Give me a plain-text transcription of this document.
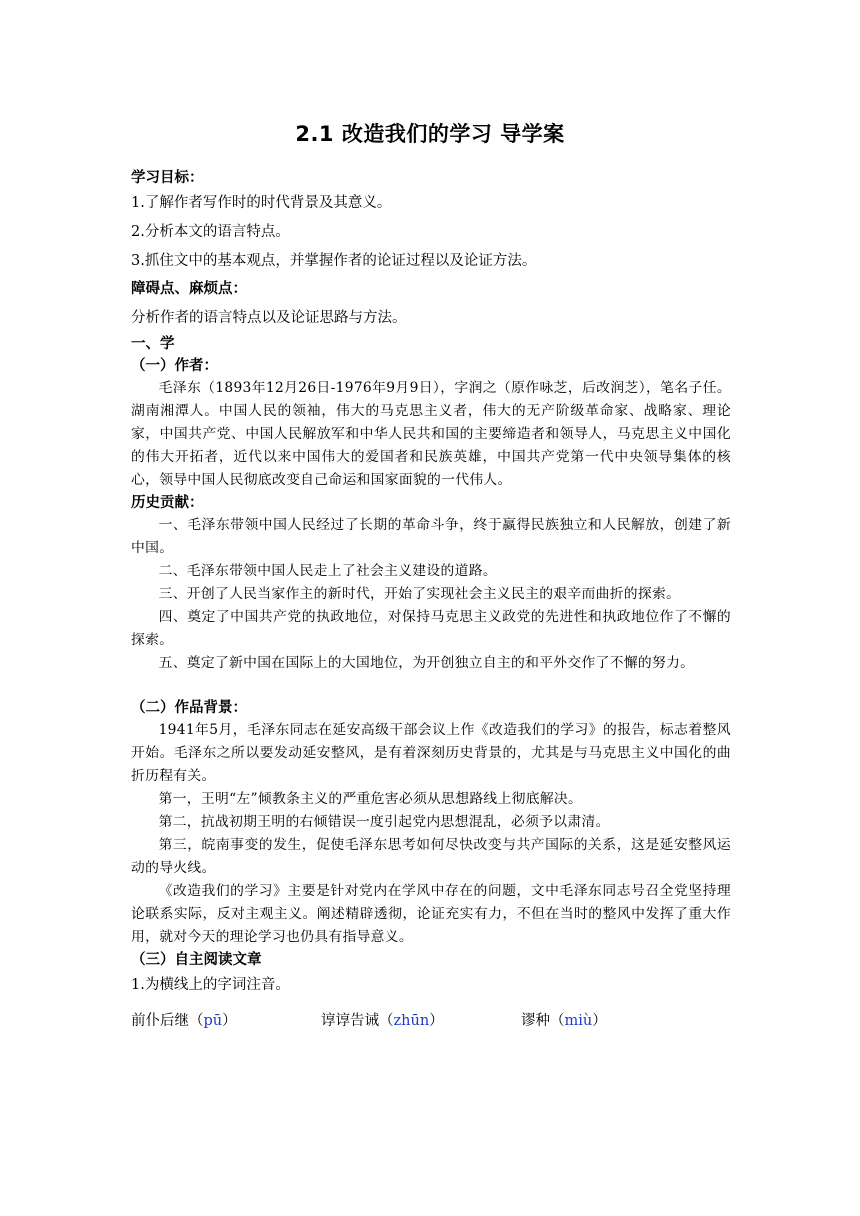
2.1 改造我们的学习 导学案

学习目标：

1.了解作者写作时的时代背景及其意义。

2.分析本文的语言特点。

3.抓住文中的基本观点，并掌握作者的论证过程以及论证方法。

障碍点、麻烦点：

分析作者的语言特点以及论证思路与方法。

一、学

（一）作者：

毛泽东（1893年12月26日-1976年9月9日），字润之（原作咏芝，后改润芝），笔名子任。湖南湘潭人。中国人民的领袖，伟大的马克思主义者，伟大的无产阶级革命家、战略家、理论家，中国共产党、中国人民解放军和中华人民共和国的主要缔造者和领导人，马克思主义中国化的伟大开拓者，近代以来中国伟大的爱国者和民族英雄，中国共产党第一代中央领导集体的核心，领导中国人民彻底改变自己命运和国家面貌的一代伟人。

历史贡献：

一、毛泽东带领中国人民经过了长期的革命斗争，终于赢得民族独立和人民解放，创建了新中国。

二、毛泽东带领中国人民走上了社会主义建设的道路。

三、开创了人民当家作主的新时代，开始了实现社会主义民主的艰辛而曲折的探索。

四、奠定了中国共产党的执政地位，对保持马克思主义政党的先进性和执政地位作了不懈的探索。

五、奠定了新中国在国际上的大国地位，为开创独立自主的和平外交作了不懈的努力。

（二）作品背景：

1941年5月，毛泽东同志在延安高级干部会议上作《改造我们的学习》的报告，标志着整风开始。毛泽东之所以要发动延安整风，是有着深刻历史背景的，尤其是与马克思主义中国化的曲折历程有关。

第一，王明“左”倾教条主义的严重危害必须从思想路线上彻底解决。

第二，抗战初期王明的右倾错误一度引起党内思想混乱，必须予以肃清。

第三，皖南事变的发生，促使毛泽东思考如何尽快改变与共产国际的关系，这是延安整风运动的导火线。

《改造我们的学习》主要是针对党内在学风中存在的问题，文中毛泽东同志号召全党坚持理论联系实际，反对主观主义。阐述精辟透彻，论证充实有力，不但在当时的整风中发挥了重大作用，就对今天的理论学习也仍具有指导意义。

（三）自主阅读文章

1.为横线上的字词注音。

前仆后继（pū）	谆谆告诫（zhūn）	谬种（miù）
